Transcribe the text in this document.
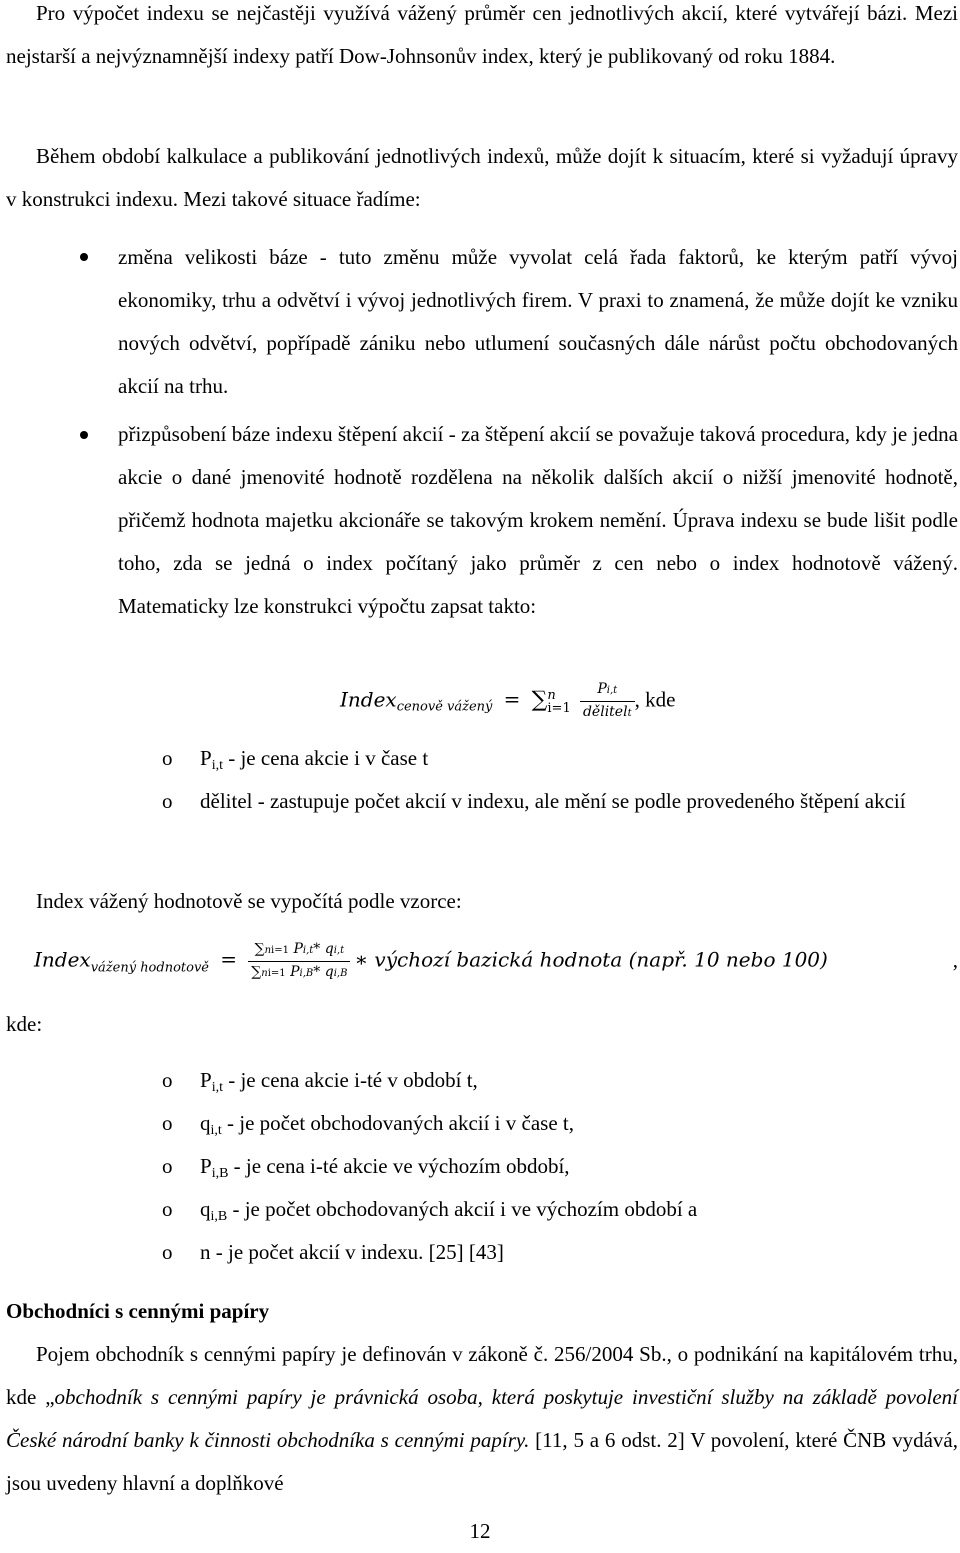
Pro výpočet indexu se nejčastěji využívá vážený průměr cen jednotlivých akcií, které vytvářejí bázi. Mezi nejstarší a nejvýznamnější indexy patří Dow-Johnsonův index, který je publikovaný od roku 1884.

Během období kalkulace a publikování jednotlivých indexů, může dojít k situacím, které si vyžadují úpravy v konstrukci indexu. Mezi takové situace řadíme:

změna velikosti báze - tuto změnu může vyvolat celá řada faktorů, ke kterým patří vývoj ekonomiky, trhu a odvětví i vývoj jednotlivých firem. V praxi to znamená, že může dojít ke vzniku nových odvětví, popřípadě zániku nebo utlumení současných dále nárůst počtu obchodovaných akcií na trhu.

přizpůsobení báze indexu štěpení akcií - za štěpení akcií se považuje taková procedura, kdy je jedna akcie o dané jmenovité hodnotě rozdělena na několik dalších akcií o nižší jmenovité hodnotě, přičemž hodnota majetku akcionáře se takovým krokem nemění. Úprava indexu se bude lišit podle toho, zda se jedná o index počítaný jako průměr z cen nebo o index hodnotově vážený. Matematicky lze konstrukci výpočtu zapsat takto:

Index$_{cenově vážený}$ = ∑ n
i=1
$\frac{Pi,t}{\text{dělitelt}}$ , kde
o $P_{i,t}$ - je cena akcie i v čase t

o dělitel - zastupuje počet akcií v indexu, ale mění se podle provedeného štěpení akcií

Index vážený hodnotově se vypočítá podle vzorce:

Index$_{vážený hodnotově}$ = $\frac{\sum ni=1 Pi,t* qi,t}{\sum ni=1 Pi,B* qi,B}$ ∗ výchozí bazická hodnota (např. 10 nebo 100)	,
kde:
o $P_{i,t}$ - je cena akcie i-té v období t,

o $q_{i,t}$ - je počet obchodovaných akcií i v čase t,

o $P_{i,B}$ - je cena i-té akcie ve výchozím období,

o $q_{i,B}$ - je počet obchodovaných akcií i ve výchozím období a

o n - je počet akcií v indexu. [25] [43]

Obchodníci s cennými papíry

Pojem obchodník s cennými papíry je definován v zákoně č. 256/2004 Sb., o podnikání na kapitálovém trhu, kde „obchodník s cennými papíry je právnická osoba, která poskytuje investiční služby na základě povolení České národní banky k činnosti obchodníka s cennými papíry. [11, 5 a 6 odst. 2] V povolení, které ČNB vydává, jsou uvedeny hlavní a doplňkové

12
